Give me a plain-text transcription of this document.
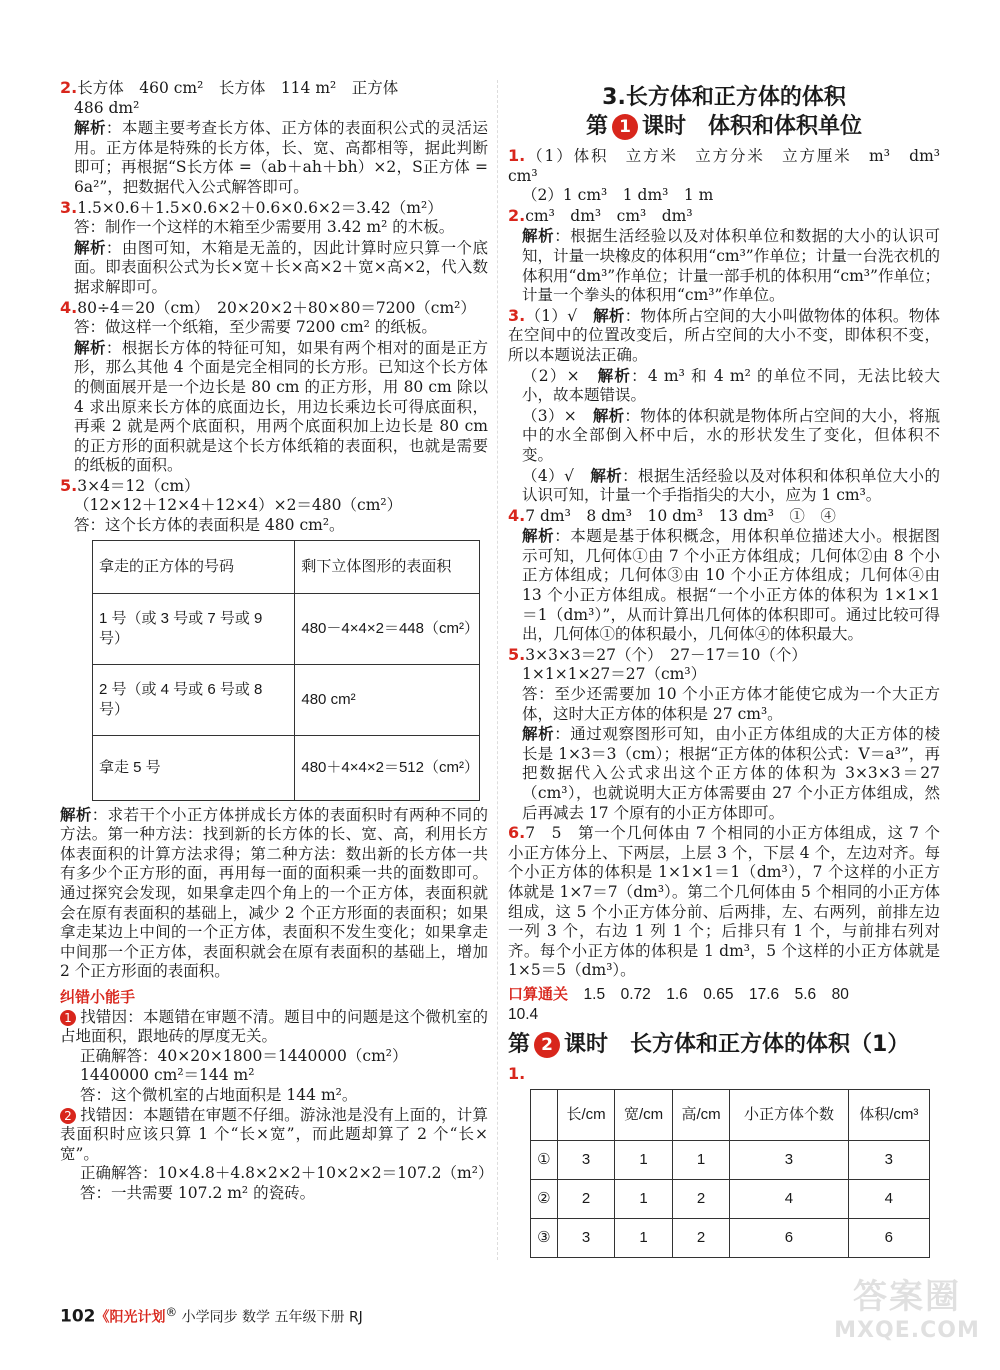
2.长方体　460 cm²　长方体　114 m²　正方体

486 dm²

解析：本题主要考查长方体、正方体的表面积公式的灵活运用。正方体是特殊的长方体，长、宽、高都相等，据此判断即可；再根据“S长方体 =（ab＋ah＋bh）×2，S正方体 = 6a²”，把数据代入公式解答即可。

3.1.5×0.6＋1.5×0.6×2＋0.6×0.6×2＝3.42（m²）

答：制作一个这样的木箱至少需要用 3.42 m² 的木板。

解析：由图可知，木箱是无盖的，因此计算时应只算一个底面。即表面积公式为长×宽＋长×高×2＋宽×高×2，代入数据求解即可。

4.80÷4＝20（cm）　20×20×2＋80×80＝7200（cm²）

答：做这样一个纸箱，至少需要 7200 cm² 的纸板。

解析：根据长方体的特征可知，如果有两个相对的面是正方形，那么其他 4 个面是完全相同的长方形。已知这个长方体的侧面展开是一个边长是 80 cm 的正方形，用 80 cm 除以 4 求出原来长方体的底面边长，用边长乘边长可得底面积，再乘 2 就是两个底面积，用两个底面积加上边长是 80 cm 的正方形的面积就是这个长方体纸箱的表面积，也就是需要的纸板的面积。

5.3×4＝12（cm）

（12×12＋12×4＋12×4）×2＝480（cm²）

答：这个长方体的表面积是 480 cm²。

拿走的正方体的号码	剩下立体图形的表面积
1 号（或 3 号或 7 号或 9 号）	480－4×4×2＝448（cm²）
2 号（或 4 号或 6 号或 8 号）	480 cm²
拿走 5 号	480＋4×4×2＝512（cm²）

解析：求若干个小正方体拼成长方体的表面积时有两种不同的方法。第一种方法：找到新的长方体的长、宽、高，利用长方体表面积的计算方法求得；第二种方法：数出新的长方体一共有多少个正方形的面，再用每一面的面积乘一共的面数即可。通过探究会发现，如果拿走四个角上的一个正方体，表面积就会在原有表面积的基础上，减少 2 个正方形面的表面积；如果拿走某边上中间的一个正方体，表面积不发生变化；如果拿走中间那一个正方体，表面积就会在原有表面积的基础上，增加 2 个正方形面的表面积。

纠错小能手

1 找错因：本题错在审题不清。题目中的问题是这个微机室的占地面积，跟地砖的厚度无关。

正确解答：40×20×1800＝1440000（cm²）

1440000 cm²＝144 m²

答：这个微机室的占地面积是 144 m²。

2 找错因：本题错在审题不仔细。游泳池是没有上面的，计算表面积时应该只算 1 个“长×宽”，而此题却算了 2 个“长×宽”。

正确解答：10×4.8＋4.8×2×2＋10×2×2＝107.2（m²）

答：一共需要 107.2 m² 的瓷砖。

3.长方体和正方体的体积
第 1 课时　体积和体积单位

1.（1）体积　立方米　立方分米　立方厘米　m³　dm³　cm³

（2）1 cm³　1 dm³　1 m

2.cm³　dm³　cm³　dm³

解析：根据生活经验以及对体积单位和数据的大小的认识可知，计量一块橡皮的体积用“cm³”作单位；计量一台洗衣机的体积用“dm³”作单位；计量一部手机的体积用“cm³”作单位；计量一个拳头的体积用“cm³”作单位。

3.（1）√　解析：物体所占空间的大小叫做物体的体积。物体在空间中的位置改变后，所占空间的大小不变，即体积不变，所以本题说法正确。

（2）×　解析：4 m³ 和 4 m² 的单位不同，无法比较大小，故本题错误。

（3）×　解析：物体的体积就是物体所占空间的大小，将瓶中的水全部倒入杯中后，水的形状发生了变化，但体积不变。

（4）√　解析：根据生活经验以及对体积和体积单位大小的认识可知，计量一个手指指尖的大小，应为 1 cm³。

4.7 dm³　8 dm³　10 dm³　13 dm³　①　④

解析：本题是基于体积概念，用体积单位描述大小。根据图示可知，几何体①由 7 个小正方体组成；几何体②由 8 个小正方体组成；几何体③由 10 个小正方体组成；几何体④由 13 个小正方体组成。根据“一个小正方体的体积为 1×1×1＝1（dm³）”，从而计算出几何体的体积即可。通过比较可得出，几何体①的体积最小，几何体④的体积最大。

5.3×3×3＝27（个）　27－17＝10（个）

1×1×1×27＝27（cm³）

答：至少还需要加 10 个小正方体才能使它成为一个大正方体，这时大正方体的体积是 27 cm³。

解析：通过观察图形可知，由小正方体组成的大正方体的棱长是 1×3＝3（cm）；根据“正方体的体积公式：V＝a³”，再把数据代入公式求出这个正方体的体积为 3×3×3＝27（cm³），也就说明大正方体需要由 27 个小正方体组成，然后再减去 17 个原有的小正方体即可。

6.7　5　第一个几何体由 7 个相同的小正方体组成，这 7 个小正方体分上、下两层，上层 3 个，下层 4 个，左边对齐。每个小正方体的体积是 1×1×1＝1（dm³），7 个这样的小正方体就是 1×7＝7（dm³）。第二个几何体由 5 个相同的小正方体组成，这 5 个小正方体分前、后两排，左、右两列，前排左边一列 3 个，右边 1 列 1 个；后排只有 1 个，与前排右列对齐。每个小正方体的体积是 1 dm³，5 个这样的小正方体就是 1×5＝5（dm³）。

口算通关　 1.5　0.72　1.6　0.65　17.6　5.6　80

10.4

第 2 课时　长方体和正方体的体积（1）

1.

	长/cm	宽/cm	高/cm	小正方体个数	体积/cm³
①	3	1	1	3	3
②	2	1	2	4	4
③	3	1	2	6	6
102《阳光计划® 小学同步 数学 五年级下册 RJ
答案圈
MXQE.COM
